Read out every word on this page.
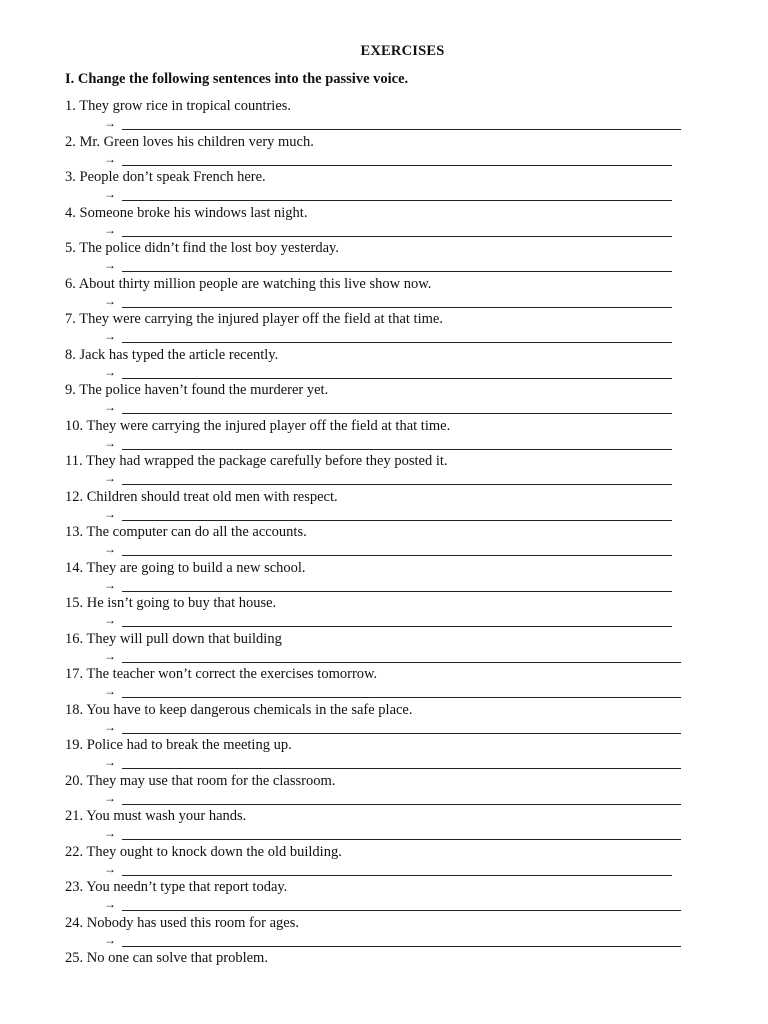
EXERCISES
I. Change the following sentences into the passive voice.
1. They grow rice in tropical countries.
→
2. Mr. Green loves his children very much.
→
3. People don’t speak French here.
→
4. Someone broke his windows last night.
→
5. The police didn’t find the lost boy yesterday.
→
6. About thirty million people are watching this live show now.
→
7. They were carrying the injured player off the field at that time.
→
8. Jack has typed the article recently.
→
9. The police haven’t found the murderer yet.
→
10. They were carrying the injured player off the field at that time.
→
11. They had wrapped the package carefully before they posted it.
→
12. Children should treat old men with respect.
→
13. The computer can do all the accounts.
→
14. They are going to build a new school.
→
15. He isn’t going to buy that house.
→
16. They will pull down that building
→
17. The teacher won’t correct the exercises tomorrow.
→
18. You have to keep dangerous chemicals in the safe place.
→
19. Police had to break the meeting up.
→
20. They may use that room for the classroom.
→
21. You must wash your hands.
→
22. They ought to knock down the old building.
→
23. You needn’t type that report today.
→
24. Nobody has used this room for ages.
→
25. No one can solve that problem.
